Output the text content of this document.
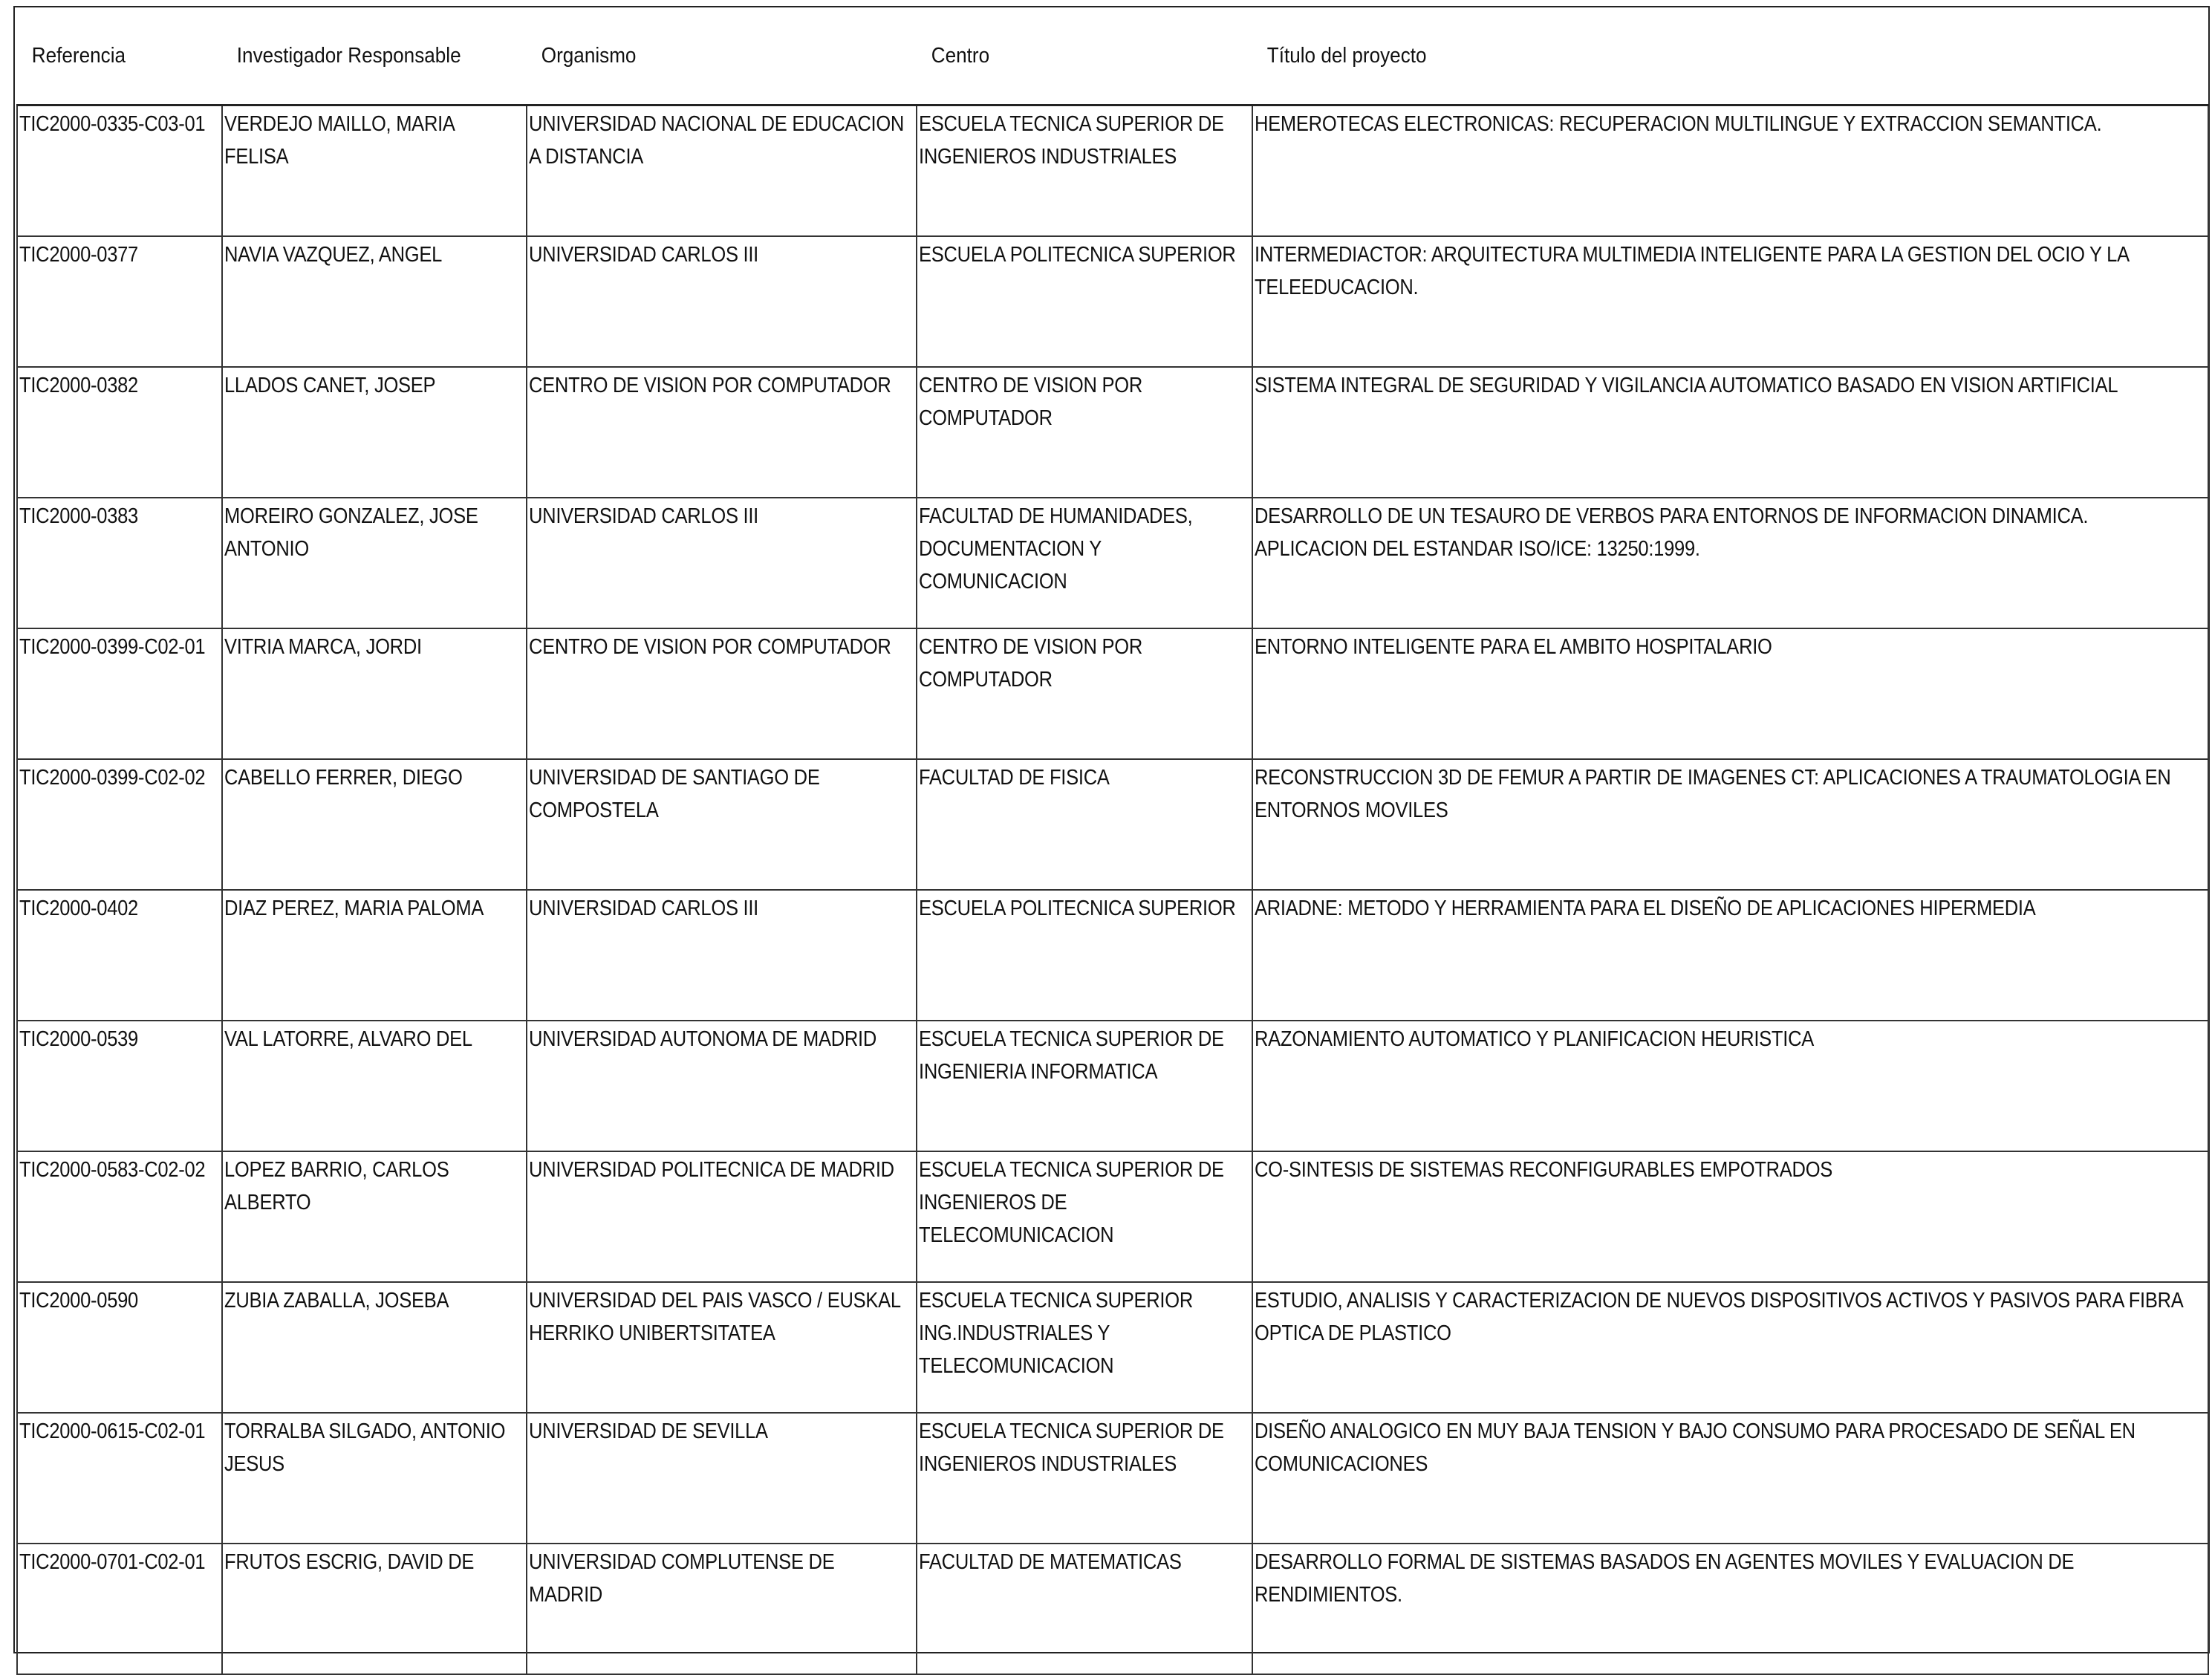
Referencia	Investigador Responsable	Organismo	Centro	Título del proyecto

TIC2000-0335-C03-01	VERDEJO MAILLO, MARIA FELISA	UNIVERSIDAD NACIONAL DE EDUCACION A DISTANCIA	ESCUELA TECNICA SUPERIOR DE INGENIEROS INDUSTRIALES	HEMEROTECAS ELECTRONICAS: RECUPERACION MULTILINGUE Y EXTRACCION SEMANTICA.

TIC2000-0377	NAVIA VAZQUEZ, ANGEL	UNIVERSIDAD CARLOS III	ESCUELA POLITECNICA SUPERIOR	INTERMEDIACTOR: ARQUITECTURA MULTIMEDIA INTELIGENTE PARA LA GESTION DEL OCIO Y LA TELEEDUCACION.

TIC2000-0382	LLADOS CANET, JOSEP	CENTRO DE VISION POR COMPUTADOR	CENTRO DE VISION POR COMPUTADOR	SISTEMA INTEGRAL DE SEGURIDAD Y VIGILANCIA AUTOMATICO BASADO EN VISION ARTIFICIAL

TIC2000-0383	MOREIRO GONZALEZ, JOSE ANTONIO	UNIVERSIDAD CARLOS III	FACULTAD DE HUMANIDADES, DOCUMENTACION Y COMUNICACION	DESARROLLO DE UN TESAURO DE VERBOS PARA ENTORNOS DE INFORMACION DINAMICA. APLICACION DEL ESTANDAR ISO/ICE: 13250:1999.

TIC2000-0399-C02-01	VITRIA MARCA, JORDI	CENTRO DE VISION POR COMPUTADOR	CENTRO DE VISION POR COMPUTADOR	ENTORNO INTELIGENTE PARA EL AMBITO HOSPITALARIO

TIC2000-0399-C02-02	CABELLO FERRER, DIEGO	UNIVERSIDAD DE SANTIAGO DE COMPOSTELA	FACULTAD DE FISICA	RECONSTRUCCION 3D DE FEMUR A PARTIR DE IMAGENES CT: APLICACIONES A TRAUMATOLOGIA EN ENTORNOS MOVILES

TIC2000-0402	DIAZ PEREZ, MARIA PALOMA	UNIVERSIDAD CARLOS III	ESCUELA POLITECNICA SUPERIOR	ARIADNE: METODO Y HERRAMIENTA PARA EL DISEÑO DE APLICACIONES HIPERMEDIA

TIC2000-0539	VAL LATORRE, ALVARO DEL	UNIVERSIDAD AUTONOMA DE MADRID	ESCUELA TECNICA SUPERIOR DE INGENIERIA INFORMATICA	RAZONAMIENTO AUTOMATICO Y PLANIFICACION HEURISTICA

TIC2000-0583-C02-02	LOPEZ BARRIO, CARLOS ALBERTO	UNIVERSIDAD POLITECNICA DE MADRID	ESCUELA TECNICA SUPERIOR DE INGENIEROS DE TELECOMUNICACION	CO-SINTESIS DE SISTEMAS RECONFIGURABLES EMPOTRADOS

TIC2000-0590	ZUBIA ZABALLA, JOSEBA	UNIVERSIDAD DEL PAIS VASCO / EUSKAL HERRIKO UNIBERTSITATEA	ESCUELA TECNICA SUPERIOR ING.INDUSTRIALES Y TELECOMUNICACION	ESTUDIO, ANALISIS Y CARACTERIZACION DE NUEVOS DISPOSITIVOS ACTIVOS Y PASIVOS PARA FIBRA OPTICA DE PLASTICO

TIC2000-0615-C02-01	TORRALBA SILGADO, ANTONIO JESUS	UNIVERSIDAD DE SEVILLA	ESCUELA TECNICA SUPERIOR DE INGENIEROS INDUSTRIALES	DISEÑO ANALOGICO EN MUY BAJA TENSION Y BAJO CONSUMO PARA PROCESADO DE SEÑAL EN COMUNICACIONES

TIC2000-0701-C02-01	FRUTOS ESCRIG, DAVID DE	UNIVERSIDAD COMPLUTENSE DE MADRID	FACULTAD DE MATEMATICAS	DESARROLLO FORMAL DE SISTEMAS BASADOS EN AGENTES MOVILES Y EVALUACION DE RENDIMIENTOS.
